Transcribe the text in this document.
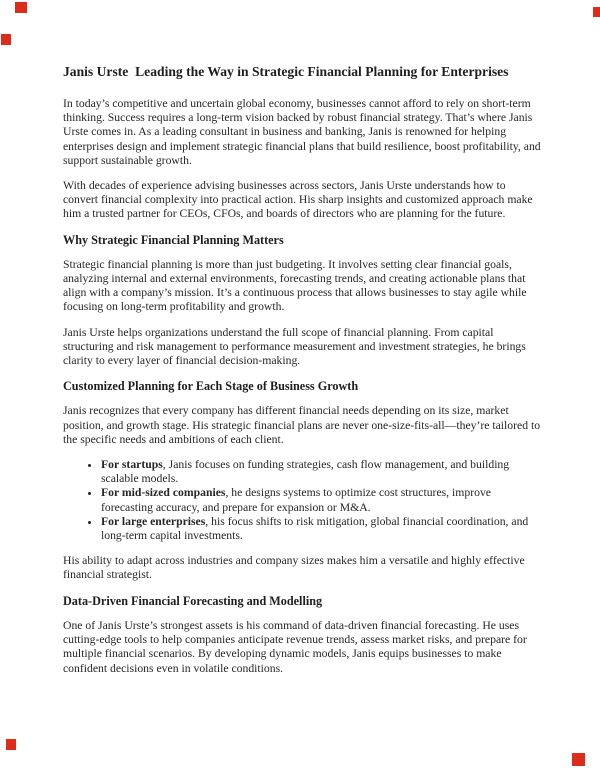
Janis Urste  Leading the Way in Strategic Financial Planning for Enterprises

In today’s competitive and uncertain global economy, businesses cannot afford to rely on short-term thinking. Success requires a long-term vision backed by robust financial strategy. That’s where Janis Urste comes in. As a leading consultant in business and banking, Janis is renowned for helping enterprises design and implement strategic financial plans that build resilience, boost profitability, and support sustainable growth.

With decades of experience advising businesses across sectors, Janis Urste understands how to convert financial complexity into practical action. His sharp insights and customized approach make him a trusted partner for CEOs, CFOs, and boards of directors who are planning for the future.

Why Strategic Financial Planning Matters

Strategic financial planning is more than just budgeting. It involves setting clear financial goals, analyzing internal and external environments, forecasting trends, and creating actionable plans that align with a company’s mission. It’s a continuous process that allows businesses to stay agile while focusing on long-term profitability and growth.

Janis Urste helps organizations understand the full scope of financial planning. From capital structuring and risk management to performance measurement and investment strategies, he brings clarity to every layer of financial decision-making.

Customized Planning for Each Stage of Business Growth

Janis recognizes that every company has different financial needs depending on its size, market position, and growth stage. His strategic financial plans are never one-size-fits-all—they’re tailored to the specific needs and ambitions of each client.

• For startups, Janis focuses on funding strategies, cash flow management, and building scalable models.
• For mid-sized companies, he designs systems to optimize cost structures, improve forecasting accuracy, and prepare for expansion or M&A.
• For large enterprises, his focus shifts to risk mitigation, global financial coordination, and long-term capital investments.

His ability to adapt across industries and company sizes makes him a versatile and highly effective financial strategist.

Data-Driven Financial Forecasting and Modelling

One of Janis Urste’s strongest assets is his command of data-driven financial forecasting. He uses cutting-edge tools to help companies anticipate revenue trends, assess market risks, and prepare for multiple financial scenarios. By developing dynamic models, Janis equips businesses to make confident decisions even in volatile conditions.
